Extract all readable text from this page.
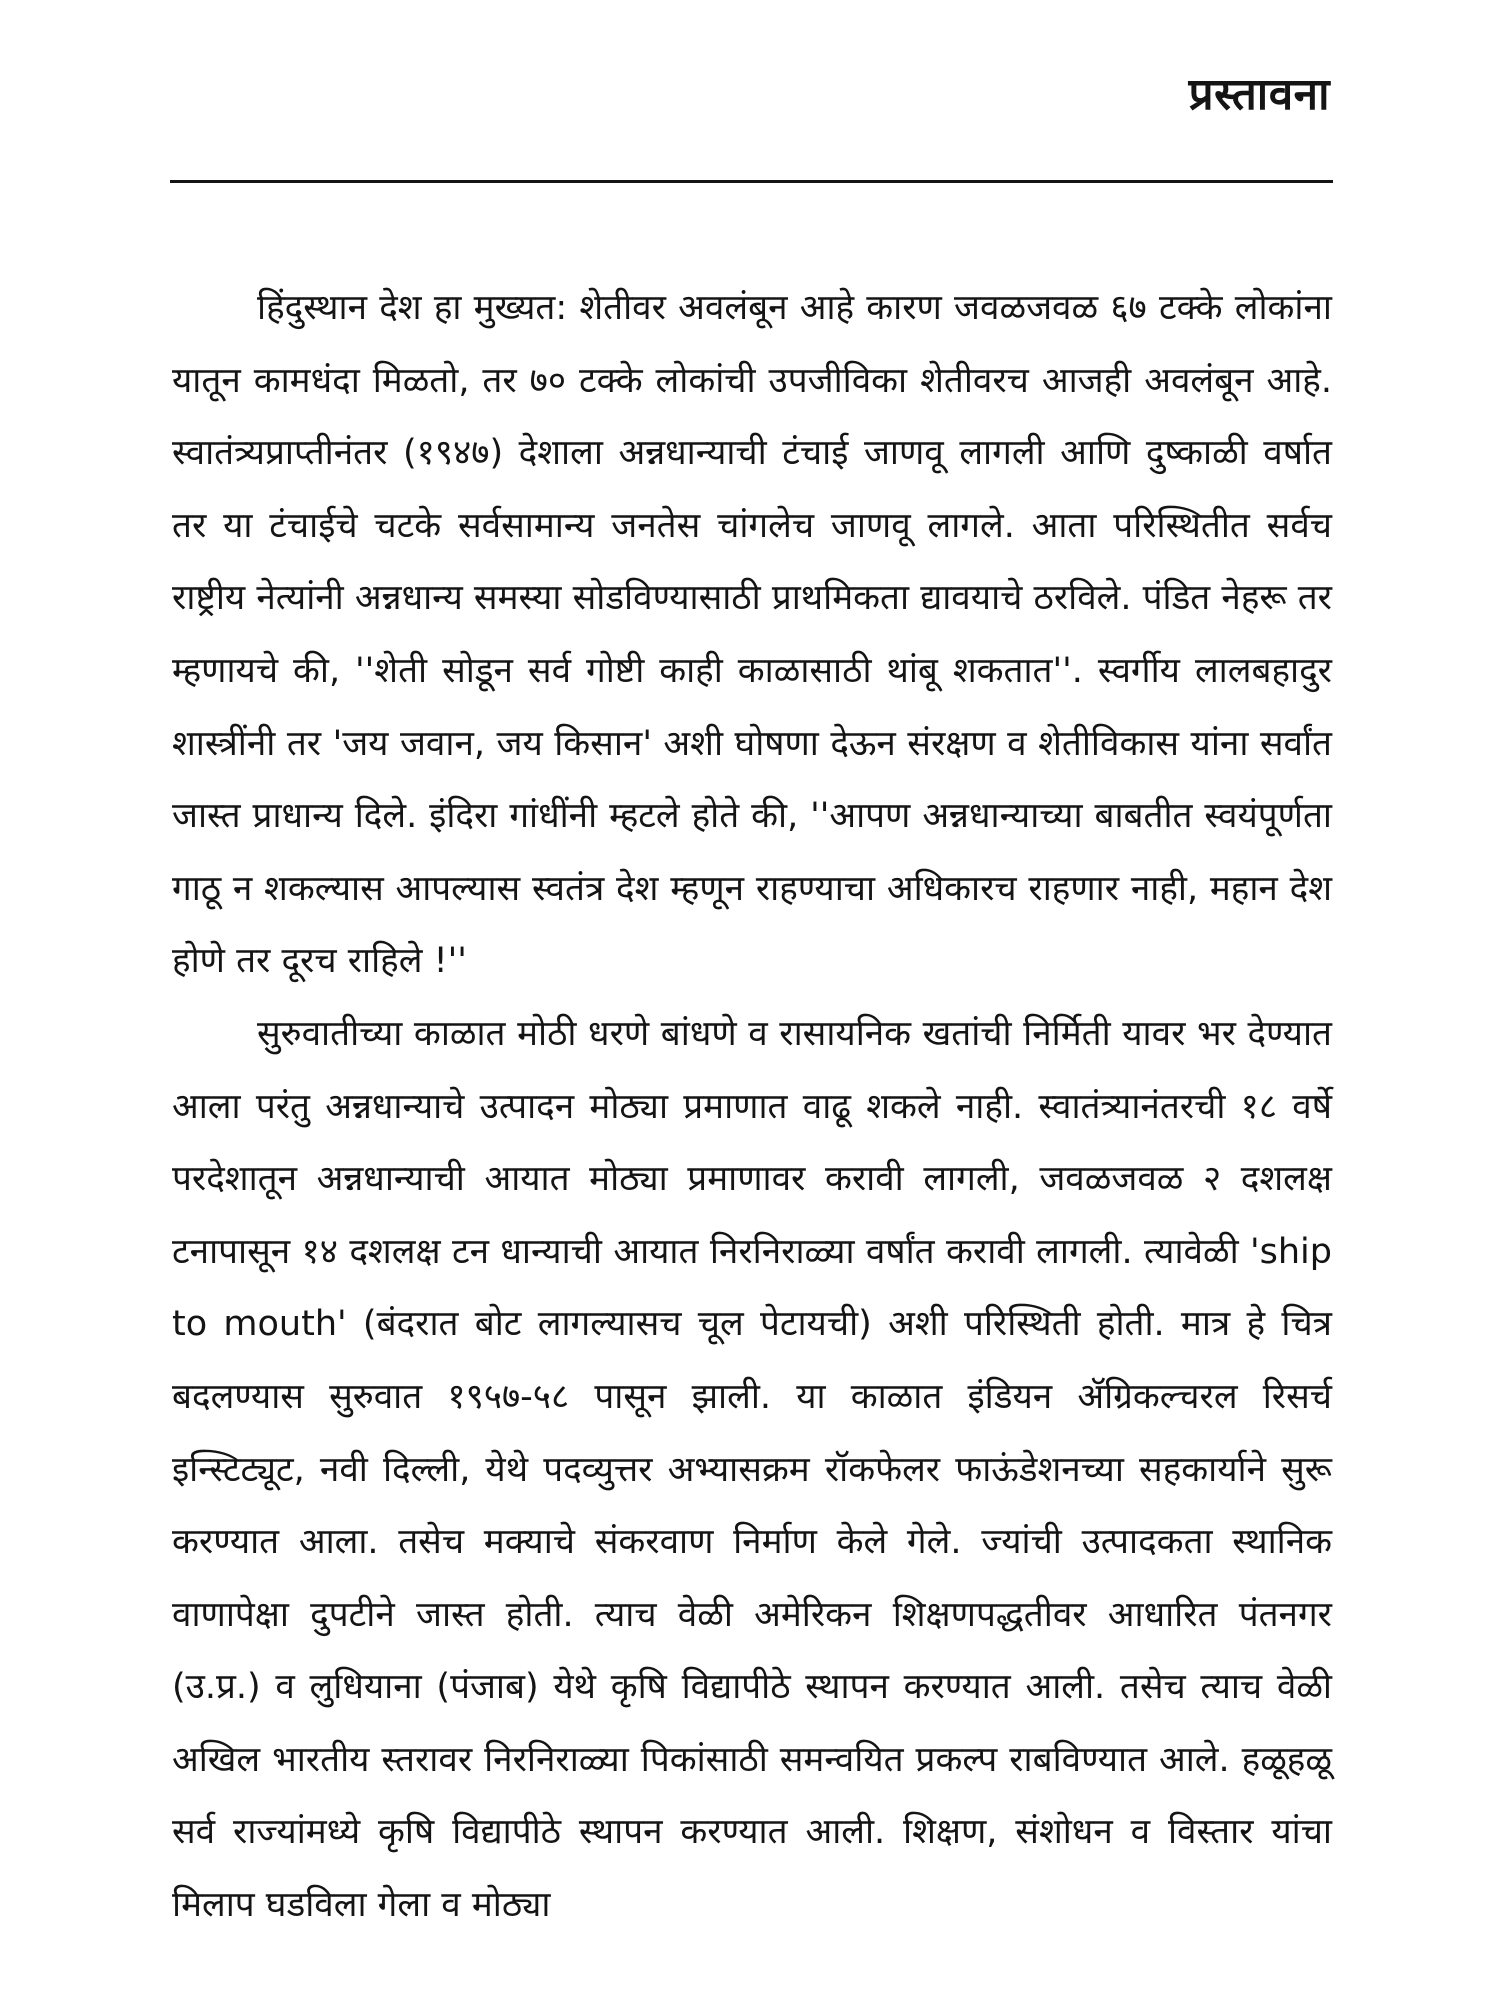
प्रस्तावना

हिंदुस्थान देश हा मुख्यत: शेतीवर अवलंबून आहे कारण जवळजवळ ६७ टक्के लोकांना यातून कामधंदा मिळतो, तर ७० टक्के लोकांची उपजीविका शेतीवरच आजही अवलंबून आहे. स्वातंत्र्यप्राप्तीनंतर (१९४७) देशाला अन्नधान्याची टंचाई जाणवू लागली आणि दुष्काळी वर्षात तर या टंचाईचे चटके सर्वसामान्य जनतेस चांगलेच जाणवू लागले. आता परिस्थितीत सर्वच राष्ट्रीय नेत्यांनी अन्नधान्य समस्या सोडविण्यासाठी प्राथमिकता द्यावयाचे ठरविले. पंडित नेहरू तर म्हणायचे की, ''शेती सोडून सर्व गोष्टी काही काळासाठी थांबू शकतात''. स्वर्गीय लालबहादुर शास्त्रींनी तर 'जय जवान, जय किसान' अशी घोषणा देऊन संरक्षण व शेतीविकास यांना सर्वांत जास्त प्राधान्य दिले. इंदिरा गांधींनी म्हटले होते की, ''आपण अन्नधान्याच्या बाबतीत स्वयंपूर्णता गाठू न शकल्यास आपल्यास स्वतंत्र देश म्हणून राहण्याचा अधिकारच राहणार नाही, महान देश होणे तर दूरच राहिले !''

सुरुवातीच्या काळात मोठी धरणे बांधणे व रासायनिक खतांची निर्मिती यावर भर देण्यात आला परंतु अन्नधान्याचे उत्पादन मोठ्या प्रमाणात वाढू शकले नाही. स्वातंत्र्यानंतरची १८ वर्षे परदेशातून अन्नधान्याची आयात मोठ्या प्रमाणावर करावी लागली, जवळजवळ २ दशलक्ष टनापासून १४ दशलक्ष टन धान्याची आयात निरनिराळ्या वर्षांत करावी लागली. त्यावेळी 'ship to mouth' (बंदरात बोट लागल्यासच चूल पेटायची) अशी परिस्थिती होती. मात्र हे चित्र बदलण्यास सुरुवात १९५७-५८ पासून झाली. या काळात इंडियन ॲग्रिकल्चरल रिसर्च इन्स्टिट्यूट, नवी दिल्ली, येथे पदव्युत्तर अभ्यासक्रम रॉकफेलर फाऊंडेशनच्या सहकार्याने सुरू करण्यात आला. तसेच मक्याचे संकरवाण निर्माण केले गेले. ज्यांची उत्पादकता स्थानिक वाणापेक्षा दुपटीने जास्त होती. त्याच वेळी अमेरिकन शिक्षणपद्धतीवर आधारित पंतनगर (उ.प्र.) व लुधियाना (पंजाब) येथे कृषि विद्यापीठे स्थापन करण्यात आली. तसेच त्याच वेळी अखिल भारतीय स्तरावर निरनिराळ्या पिकांसाठी समन्वयित प्रकल्प राबविण्यात आले. हळूहळू सर्व राज्यांमध्ये कृषि विद्यापीठे स्थापन करण्यात आली. शिक्षण, संशोधन व विस्तार यांचा मिलाप घडविला गेला व मोठ्या
